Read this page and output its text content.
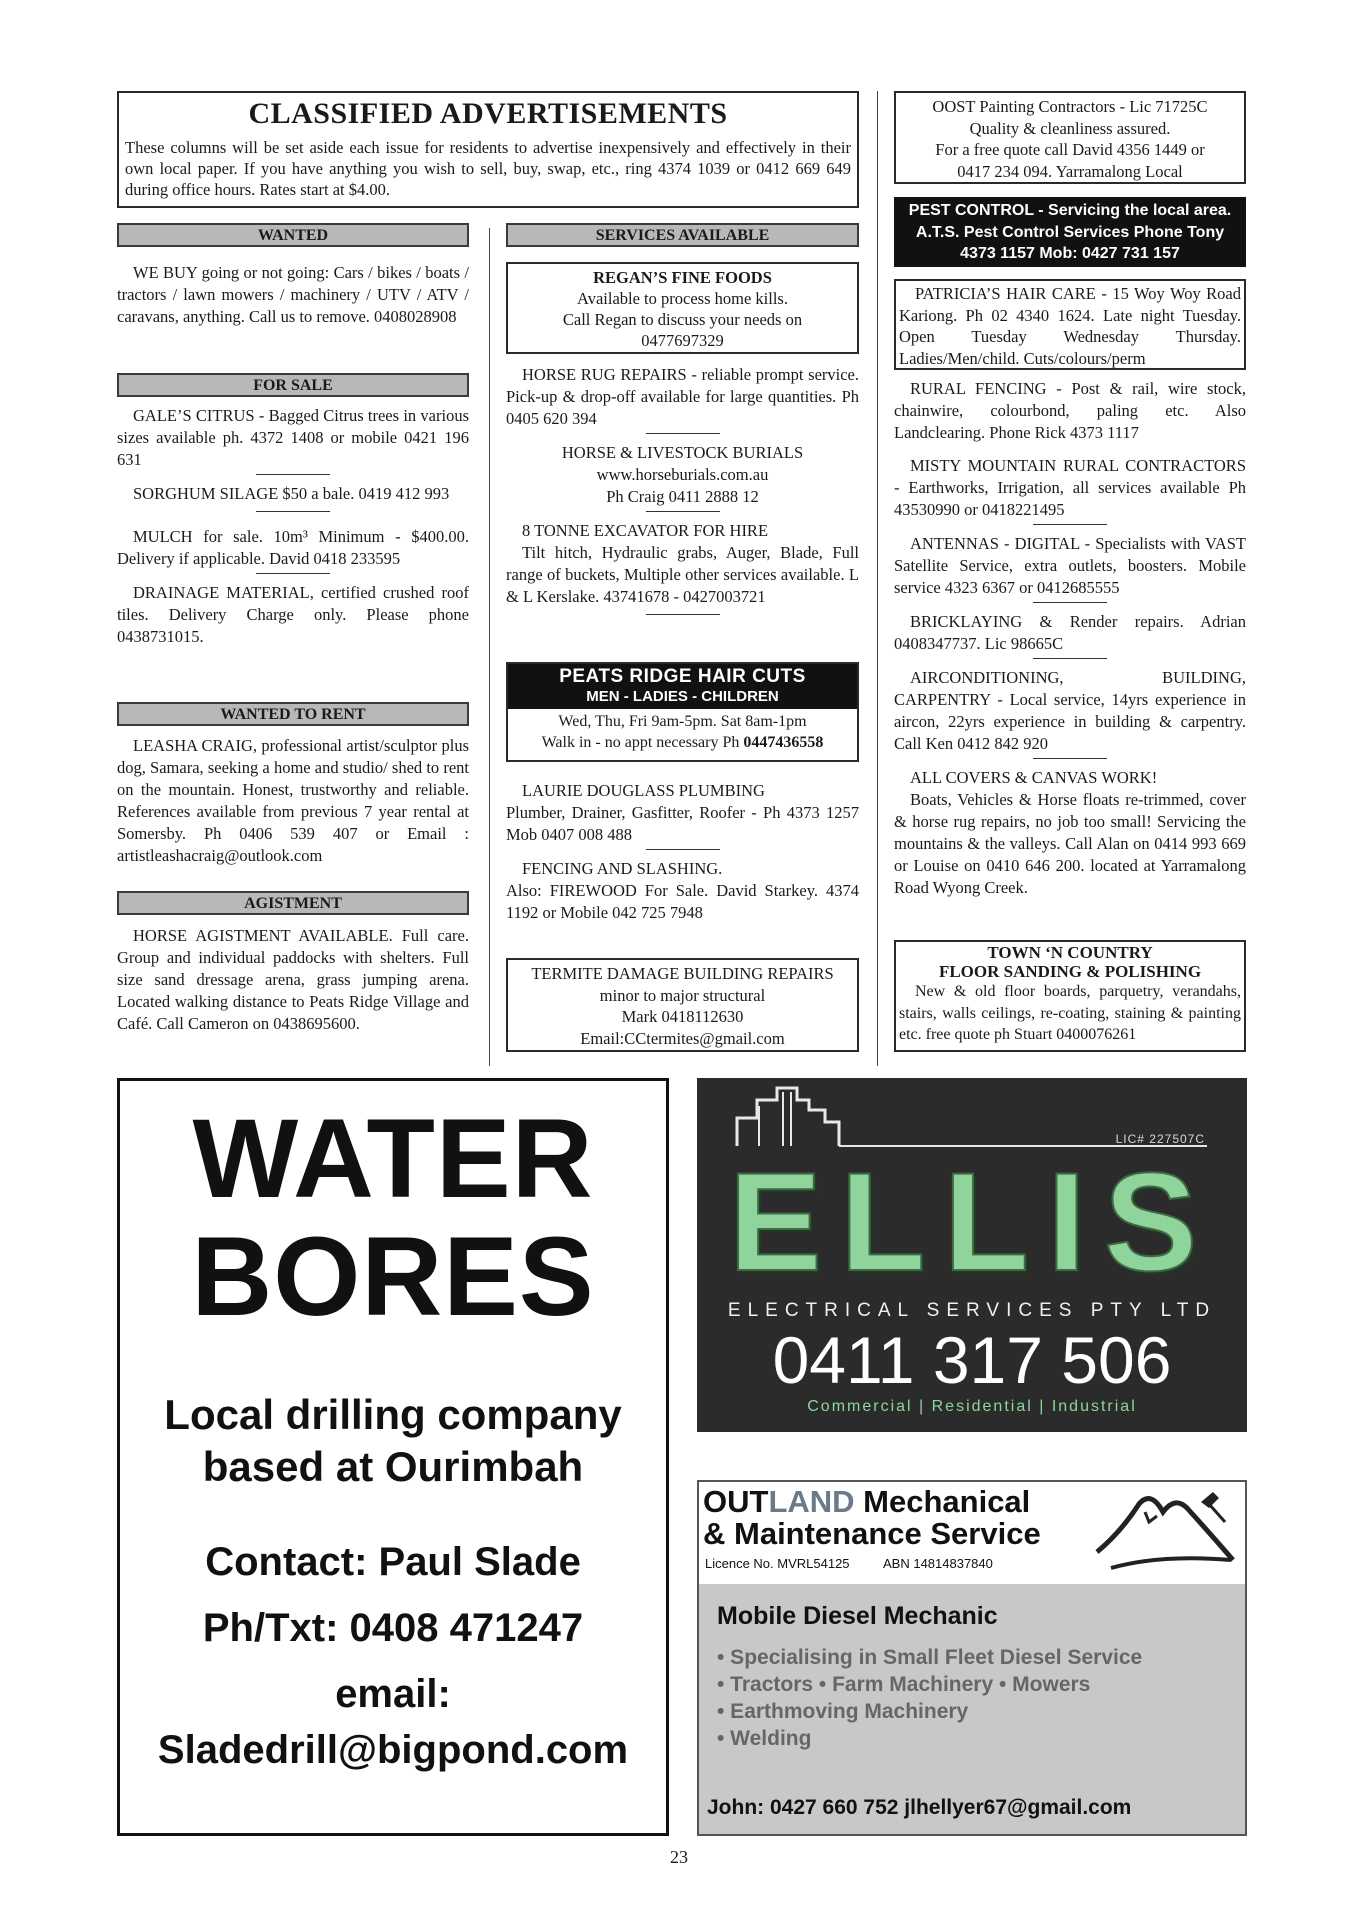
CLASSIFIED ADVERTISEMENTS
These columns will be set aside each issue for residents to advertise inexpensively and effectively in their own local paper. If you have anything you wish to sell, buy, swap, etc., ring 4374 1039 or 0412 669 649 during office hours. Rates start at $4.00.
WANTED

WE BUY going or not going: Cars / bikes / boats / tractors / lawn mowers / machinery / UTV / ATV / caravans, anything. Call us to remove. 0408028908

FOR SALE

GALE’S CITRUS - Bagged Citrus trees in various sizes available ph. 4372 1408 or mobile 0421 196 631

SORGHUM SILAGE $50 a bale. 0419 412 993

MULCH for sale. 10m³ Minimum - $400.00. Delivery if applicable. David 0418 233595

DRAINAGE MATERIAL, certified crushed roof tiles. Delivery Charge only. Please phone 0438731015.

WANTED TO RENT

LEASHA CRAIG, professional artist/sculptor plus dog, Samara, seeking a home and studio/ shed to rent on the mountain. Honest, trustworthy and reliable. References available from previous 7 year rental at Somersby. Ph 0406 539 407 or Email : artistleashacraig@outlook.com

AGISTMENT

HORSE AGISTMENT AVAILABLE. Full care. Group and individual paddocks with shelters. Full size sand dressage arena, grass jumping arena. Located walking distance to Peats Ridge Village and Café. Call Cameron on 0438695600.

SERVICES AVAILABLE
REGAN’S FINE FOODS
Available to process home kills.
Call Regan to discuss your needs on
0477697329

HORSE RUG REPAIRS - reliable prompt service. Pick-up & drop-off available for large quantities. Ph 0405 620 394

HORSE & LIVESTOCK BURIALS
www.horseburials.com.au
Ph Craig 0411 2888 12

8 TONNE EXCAVATOR FOR HIRE

Tilt hitch, Hydraulic grabs, Auger, Blade, Full range of buckets, Multiple other services available. L & L Kerslake. 43741678 - 0427003721

PEATS RIDGE HAIR CUTS
MEN - LADIES - CHILDREN
Wed, Thu, Fri 9am-5pm. Sat 8am-1pm
Walk in - no appt necessary Ph 0447436558

LAURIE DOUGLASS PLUMBING

Plumber, Drainer, Gasfitter, Roofer - Ph 4373 1257 Mob 0407 008 488

FENCING AND SLASHING.

Also: FIREWOOD For Sale. David Starkey. 4374 1192 or Mobile 042 725 7948

TERMITE DAMAGE BUILDING REPAIRS
minor to major structural
Mark 0418112630
Email:CCtermites@gmail.com
OOST Painting Contractors - Lic 71725C
Quality & cleanliness assured.
For a free quote call David 4356 1449 or
0417 234 094. Yarramalong Local
PEST CONTROL - Servicing the local area. A.T.S. Pest Control Services Phone Tony 4373 1157 Mob: 0427 731 157

PATRICIA’S HAIR CARE - 15 Woy Woy Road Kariong. Ph 02 4340 1624. Late night Tuesday. Open Tuesday Wednesday Thursday. Ladies/Men/child. Cuts/colours/perm

RURAL FENCING - Post & rail, wire stock, chainwire, colourbond, paling etc. Also Landclearing. Phone Rick 4373 1117

MISTY MOUNTAIN RURAL CONTRACTORS - Earthworks, Irrigation, all services available Ph 43530990 or 0418221495

ANTENNAS - DIGITAL - Specialists with VAST Satellite Service, extra outlets, boosters. Mobile service 4323 6367 or 0412685555

BRICKLAYING & Render repairs. Adrian 0408347737. Lic 98665C

AIRCONDITIONING, BUILDING, CARPENTRY - Local service, 14yrs experience in aircon, 22yrs experience in building & carpentry. Call Ken 0412 842 920

ALL COVERS & CANVAS WORK!

Boats, Vehicles & Horse floats re-trimmed, cover & horse rug repairs, no job too small! Servicing the mountains & the valleys. Call Alan on 0414 993 669 or Louise on 0410 646 200. located at Yarramalong Road Wyong Creek.

TOWN ‘N COUNTRY
FLOOR SANDING & POLISHING

New & old floor boards, parquetry, verandahs, stairs, walls ceilings, re-coating, staining & painting etc. free quote ph Stuart 0400076261

WATER
BORES
Local drilling company
based at Ourimbah
Contact: Paul Slade
Ph/Txt: 0408 471247
email:
Sladedrill@bigpond.com
LIC# 227507C
ELLIS
ELECTRICAL SERVICES PTY LTD
0411 317 506
Commercial | Residential | Industrial
OUTLAND Mechanical
& Maintenance Service
Licence No. MVRL54125	ABN 14814837840
Mobile Diesel Mechanic
• Specialising in Small Fleet Diesel Service
• Tractors • Farm Machinery • Mowers
• Earthmoving Machinery
• Welding
John: 0427 660 752 jlhellyer67@gmail.com
23
